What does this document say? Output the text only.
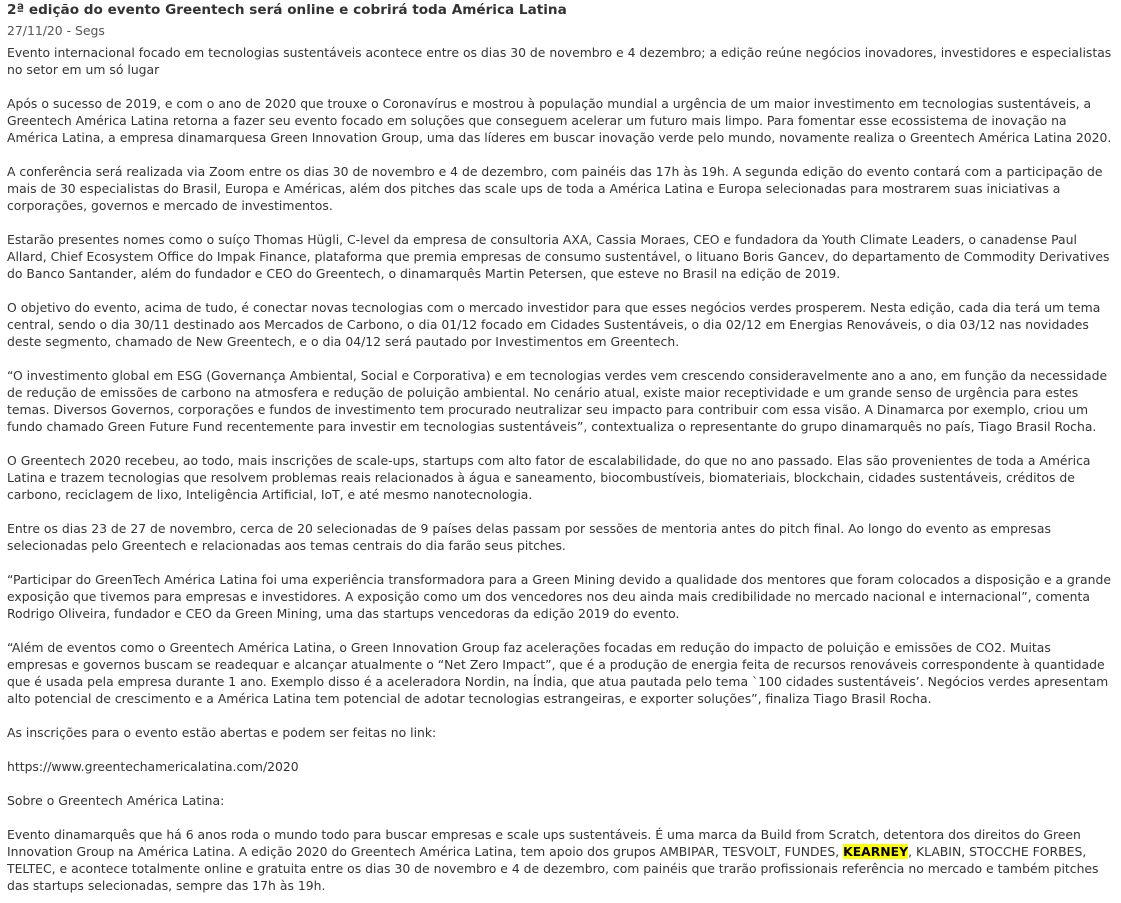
2ª edição do evento Greentech será online e cobrirá toda América Latina
27/11/20 - Segs

Evento internacional focado em tecnologias sustentáveis acontece entre os dias 30 de novembro e 4 dezembro; a edição reúne negócios inovadores, investidores e especialistas no setor em um só lugar

Após o sucesso de 2019, e com o ano de 2020 que trouxe o Coronavírus e mostrou à população mundial a urgência de um maior investimento em tecnologias sustentáveis, a Greentech América Latina retorna a fazer seu evento focado em soluções que conseguem acelerar um futuro mais limpo. Para fomentar esse ecossistema de inovação na América Latina, a empresa dinamarquesa Green Innovation Group, uma das líderes em buscar inovação verde pelo mundo, novamente realiza o Greentech América Latina 2020.

A conferência será realizada via Zoom entre os dias 30 de novembro e 4 de dezembro, com painéis das 17h às 19h. A segunda edição do evento contará com a participação de mais de 30 especialistas do Brasil, Europa e Américas, além dos pitches das scale ups de toda a América Latina e Europa selecionadas para mostrarem suas iniciativas a corporações, governos e mercado de investimentos.

Estarão presentes nomes como o suíço Thomas Hügli, C-level da empresa de consultoria AXA, Cassia Moraes, CEO e fundadora da Youth Climate Leaders, o canadense Paul Allard, Chief Ecosystem Office do Impak Finance, plataforma que premia empresas de consumo sustentável, o lituano Boris Gancev, do departamento de Commodity Derivatives do Banco Santander, além do fundador e CEO do Greentech, o dinamarquês Martin Petersen, que esteve no Brasil na edição de 2019.

O objetivo do evento, acima de tudo, é conectar novas tecnologias com o mercado investidor para que esses negócios verdes prosperem. Nesta edição, cada dia terá um tema central, sendo o dia 30/11 destinado aos Mercados de Carbono, o dia 01/12 focado em Cidades Sustentáveis, o dia 02/12 em Energias Renováveis, o dia 03/12 nas novidades deste segmento, chamado de New Greentech, e o dia 04/12 será pautado por Investimentos em Greentech.

“O investimento global em ESG (Governança Ambiental, Social e Corporativa) e em tecnologias verdes vem crescendo consideravelmente ano a ano, em função da necessidade de redução de emissões de carbono na atmosfera e redução de poluição ambiental. No cenário atual, existe maior receptividade e um grande senso de urgência para estes temas. Diversos Governos, corporações e fundos de investimento tem procurado neutralizar seu impacto para contribuir com essa visão. A Dinamarca por exemplo, criou um fundo chamado Green Future Fund recentemente para investir em tecnologias sustentáveis”, contextualiza o representante do grupo dinamarquês no país, Tiago Brasil Rocha.

O Greentech 2020 recebeu, ao todo, mais inscrições de scale-ups, startups com alto fator de escalabilidade, do que no ano passado. Elas são provenientes de toda a América Latina e trazem tecnologias que resolvem problemas reais relacionados à água e saneamento, biocombustíveis, biomateriais, blockchain, cidades sustentáveis, créditos de carbono, reciclagem de lixo, Inteligência Artificial, IoT, e até mesmo nanotecnologia.

Entre os dias 23 de 27 de novembro, cerca de 20 selecionadas de 9 países delas passam por sessões de mentoria antes do pitch final. Ao longo do evento as empresas selecionadas pelo Greentech e relacionadas aos temas centrais do dia farão seus pitches.

“Participar do GreenTech América Latina foi uma experiência transformadora para a Green Mining devido a qualidade dos mentores que foram colocados a disposição e a grande exposição que tivemos para empresas e investidores. A exposição como um dos vencedores nos deu ainda mais credibilidade no mercado nacional e internacional”, comenta Rodrigo Oliveira, fundador e CEO da Green Mining, uma das startups vencedoras da edição 2019 do evento.

“Além de eventos como o Greentech América Latina, o Green Innovation Group faz acelerações focadas em redução do impacto de poluição e emissões de CO2. Muitas empresas e governos buscam se readequar e alcançar atualmente o “Net Zero Impact”, que é a produção de energia feita de recursos renováveis correspondente à quantidade que é usada pela empresa durante 1 ano. Exemplo disso é a aceleradora Nordin, na Índia, que atua pautada pelo tema `100 cidades sustentáveis’. Negócios verdes apresentam alto potencial de crescimento e a América Latina tem potencial de adotar tecnologias estrangeiras, e exporter soluções”, finaliza Tiago Brasil Rocha.

As inscrições para o evento estão abertas e podem ser feitas no link:

https://www.greentechamericalatina.com/2020

Sobre o Greentech América Latina:

Evento dinamarquês que há 6 anos roda o mundo todo para buscar empresas e scale ups sustentáveis. É uma marca da Build from Scratch, detentora dos direitos do Green Innovation Group na América Latina. A edição 2020 do Greentech América Latina, tem apoio dos grupos AMBIPAR, TESVOLT, FUNDES, KEARNEY, KLABIN, STOCCHE FORBES, TELTEC, e acontece totalmente online e gratuita entre os dias 30 de novembro e 4 de dezembro, com painéis que trarão profissionais referência no mercado e também pitches das startups selecionadas, sempre das 17h às 19h.
